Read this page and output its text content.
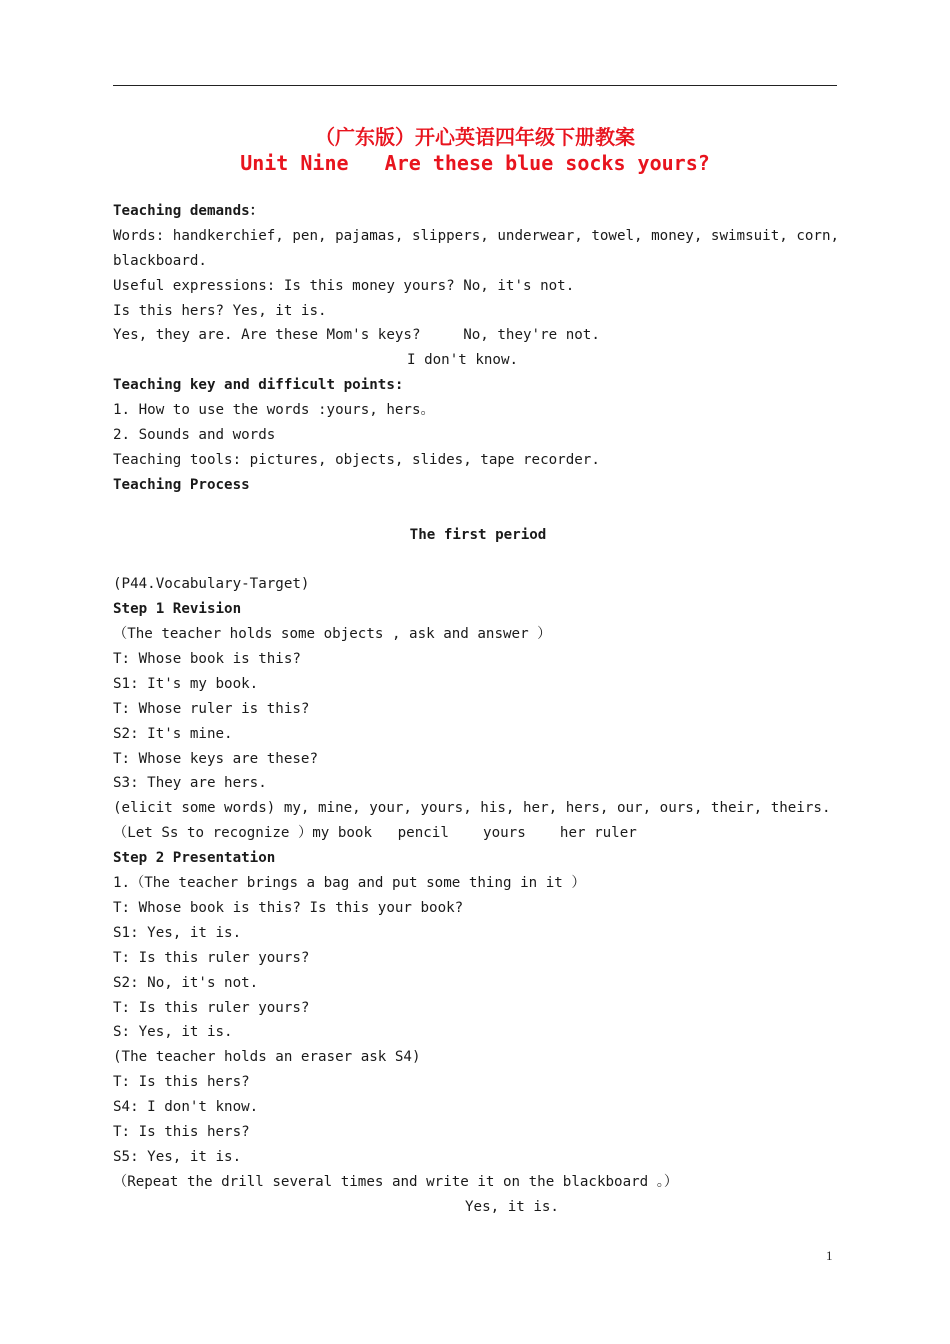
（广东版）开心英语四年级下册教案
Unit Nine   Are these blue socks yours?
Teaching demands：
Words: handkerchief, pen, pajamas, slippers, underwear, towel, money, swimsuit, corn,
blackboard.
Useful expressions: Is this money yours? No, it's not.
Is this hers? Yes, it is.
Yes, they are. Are these Mom's keys?     No, they're not.
I don't know.
Teaching key and difficult points:
1. How to use the words :yours, hers。
2. Sounds and words
Teaching tools: pictures, objects, slides, tape recorder.
Teaching Process
The first period
(P44.Vocabulary-Target)
Step 1 Revision
（The teacher holds some objects , ask and answer ）
T: Whose book is this?
S1: It's my book.
T: Whose ruler is this?
S2: It's mine.
T: Whose keys are these?
S3: They are hers.
(elicit some words) my, mine, your, yours, his, her, hers, our, ours, their, theirs.
（Let Ss to recognize ）my book   pencil    yours    her ruler
Step 2 Presentation
1.（The teacher brings a bag and put some thing in it ）
T: Whose book is this? Is this your book?
S1: Yes, it is.
T: Is this ruler yours?
S2: No, it's not.
T: Is this ruler yours?
S: Yes, it is.
(The teacher holds an eraser ask S4)
T: Is this hers?
S4: I don't know.
T: Is this hers?
S5: Yes, it is.
（Repeat the drill several times and write it on the blackboard 。）
Yes, it is.
1
